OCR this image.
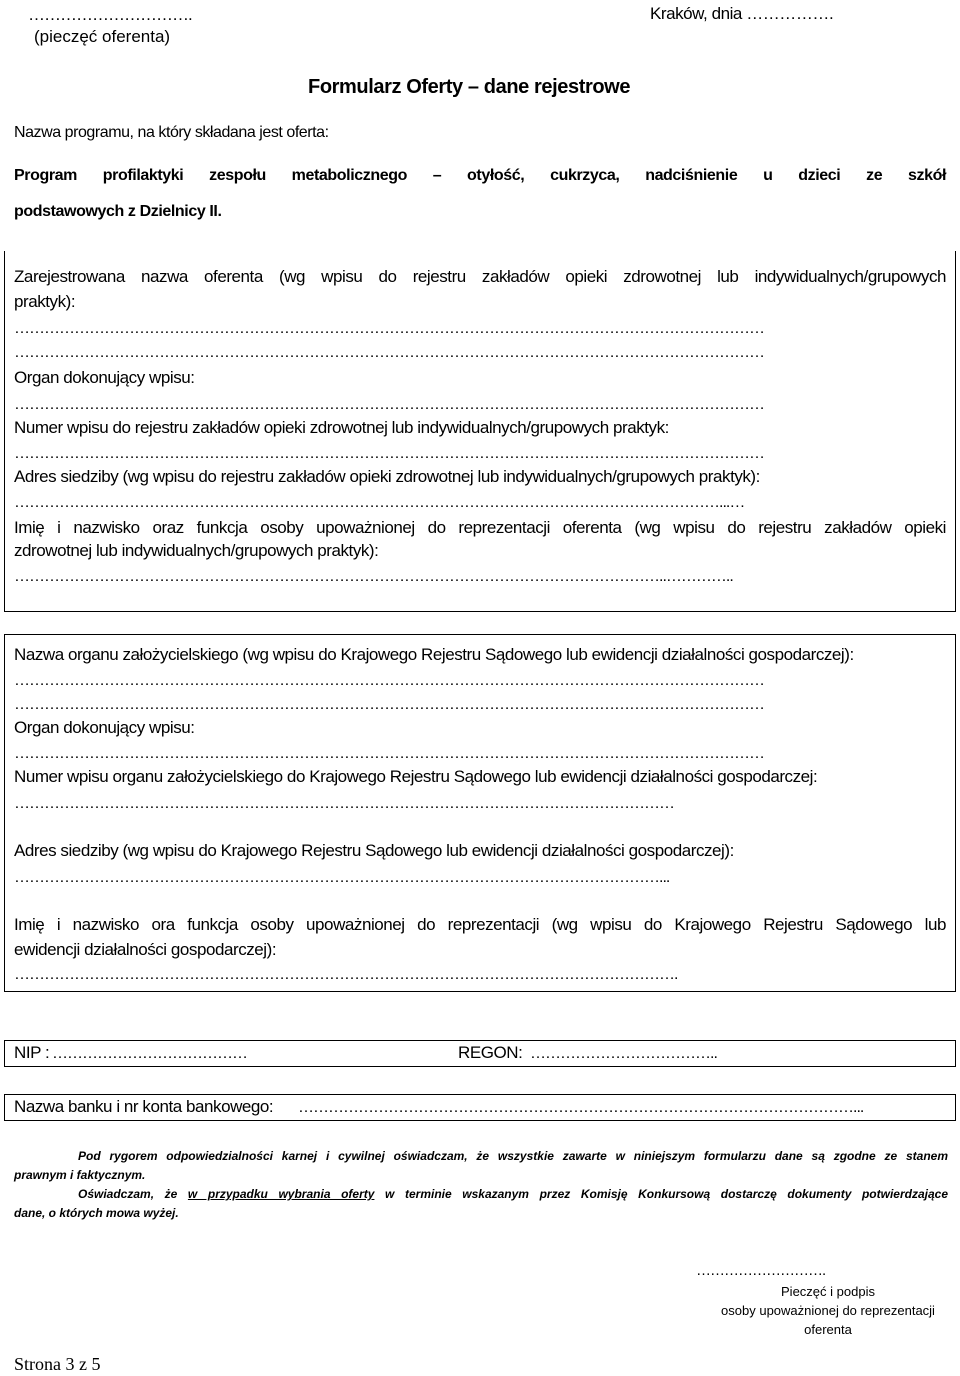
………………………….
(pieczęć oferenta)
Kraków, dnia …………….
Formularz Oferty – dane rejestrowe
Nazwa programu, na który składana jest oferta:
Program profilaktyki zespołu metabolicznego – otyłość, cukrzyca, nadciśnienie u dzieci ze szkół
podstawowych z Dzielnicy II.
Zarejestrowana nazwa oferenta (wg wpisu do rejestru zakładów opieki zdrowotnej lub indywidualnych/grupowych
praktyk):
……………………………………………………………………………………………………………………………………
……………………………………………………………………………………………………………………………………
Organ dokonujący wpisu:
……………………………………………………………………………………………………………………………………
Numer wpisu do rejestru zakładów opieki zdrowotnej lub indywidualnych/grupowych praktyk:
……………………………………………………………………………………………………………………………………
Adres siedziby (wg wpisu do rejestru zakładów opieki zdrowotnej lub indywidualnych/grupowych praktyk):
……………………………………………………………………………………………………………………………...…
Imię i nazwisko oraz funkcja osoby upoważnionej do reprezentacji oferenta (wg wpisu do rejestru zakładów opieki
zdrowotnej lub indywidualnych/grupowych praktyk):
…………………………………………………………………………………………………………………..…………..
Nazwa organu założycielskiego (wg wpisu do Krajowego Rejestru Sądowego lub ewidencji działalności gospodarczej):
……………………………………………………………………………………………………………………………………
……………………………………………………………………………………………………………………………………
Organ dokonujący wpisu:
……………………………………………………………………………………………………………………………………
Numer wpisu organu założycielskiego do Krajowego Rejestru Sądowego lub ewidencji działalności gospodarczej:
……………………………………………………………………………………………………………………
Adres siedziby (wg wpisu do Krajowego Rejestru Sądowego lub ewidencji działalności gospodarczej):
…………………………………………………………………………………………………………………...
Imię i nazwisko ora funkcja osoby upoważnionej do reprezentacji (wg wpisu do Krajowego Rejestru Sądowego lub
ewidencji działalności gospodarczej):
…………………………………………………………………………………………………………………….
NIP : …………………………………	REGON: ………………………………..
Nazwa banku i nr konta bankowego: …………………………………………………………………………………………………...
Pod rygorem odpowiedzialności karnej i cywilnej oświadczam, że wszystkie zawarte w niniejszym formularzu dane są zgodne ze stanem
prawnym i faktycznym.
Oświadczam, że w przypadku wybrania oferty w terminie wskazanym przez Komisję Konkursową dostarczę dokumenty potwierdzające
dane, o których mowa wyżej.
……………………….
Pieczęć i podpis
osoby upoważnionej do reprezentacji
oferenta
Strona 3 z 5
